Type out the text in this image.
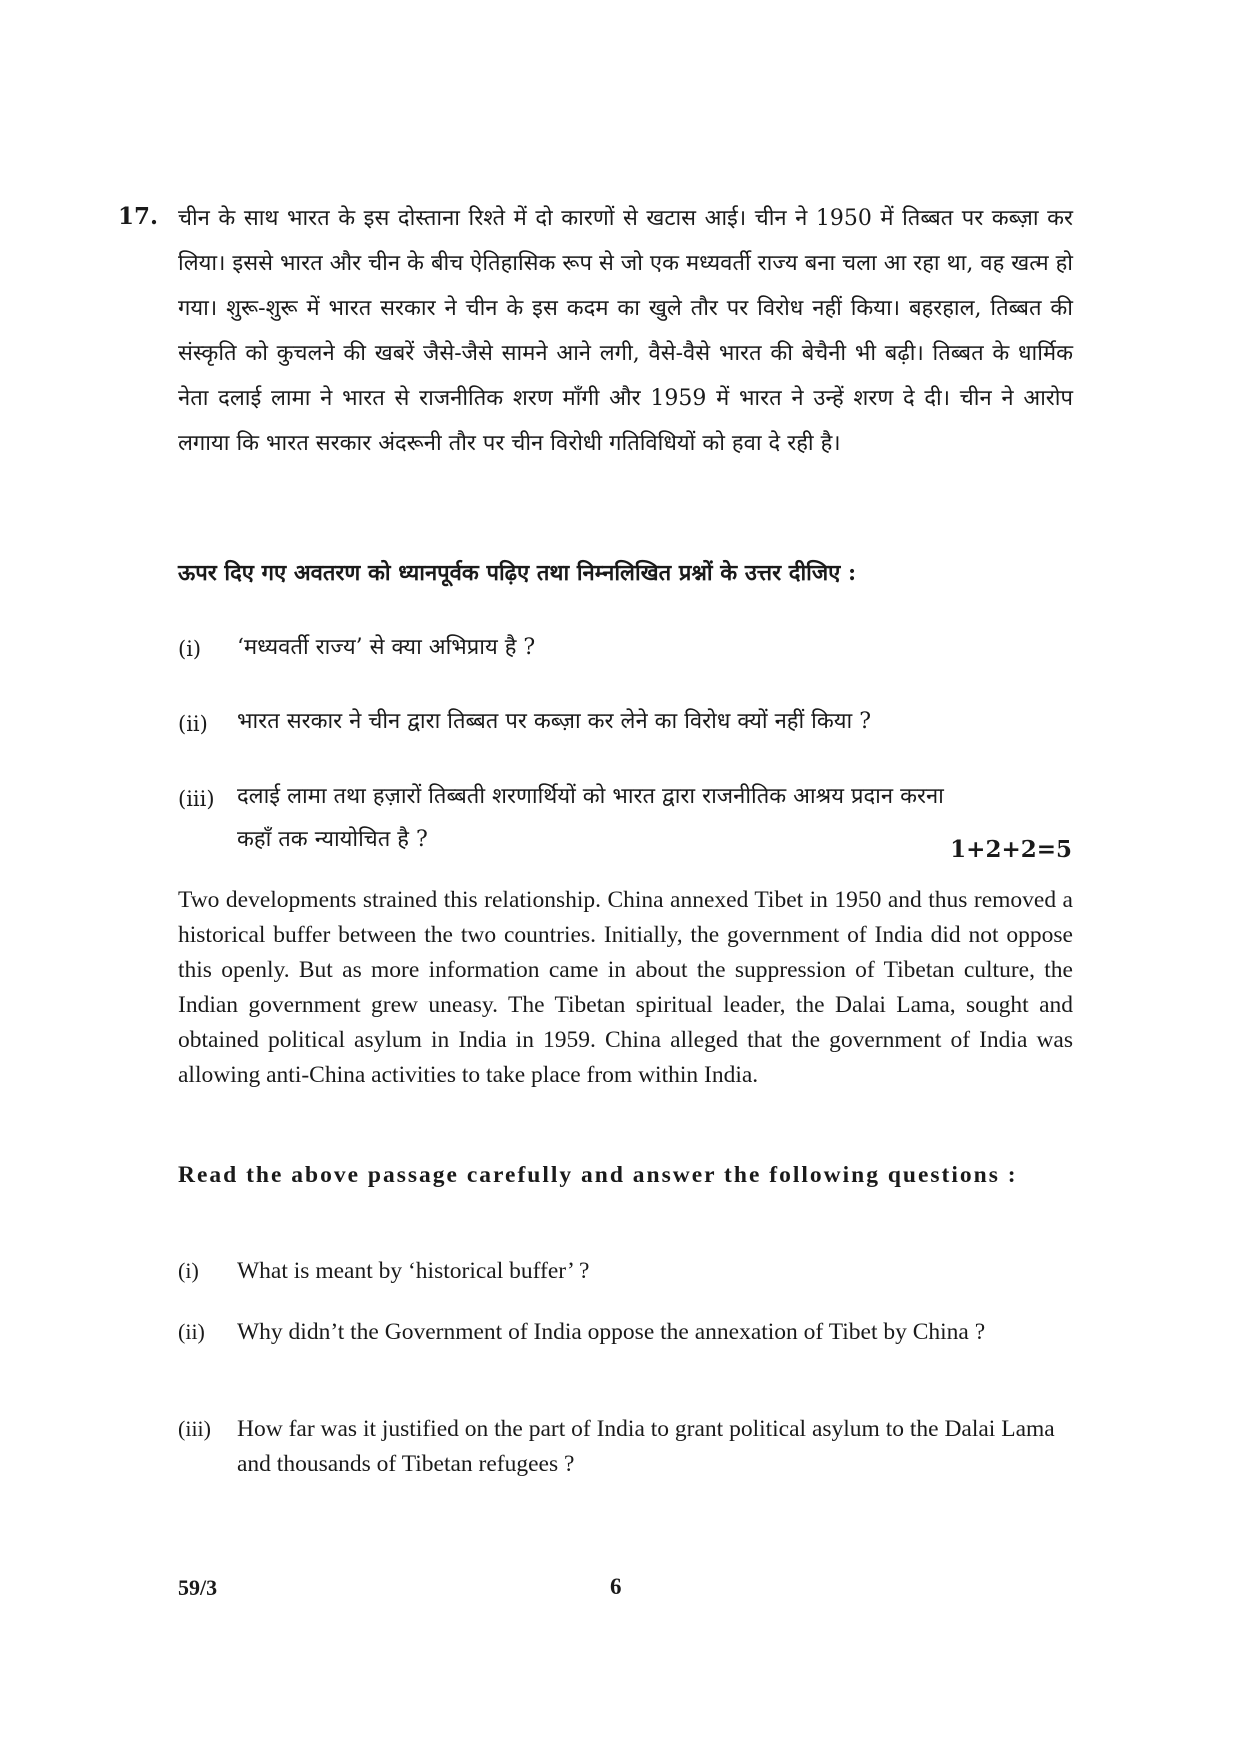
17. चीन के साथ भारत के इस दोस्ताना रिश्ते में दो कारणों से खटास आई। चीन ने 1950 में तिब्बत पर कब्ज़ा कर लिया। इससे भारत और चीन के बीच ऐतिहासिक रूप से जो एक मध्यवर्ती राज्य बना चला आ रहा था, वह खत्म हो गया। शुरू-शुरू में भारत सरकार ने चीन के इस कदम का खुले तौर पर विरोध नहीं किया। बहरहाल, तिब्बत की संस्कृति को कुचलने की खबरें जैसे-जैसे सामने आने लगी, वैसे-वैसे भारत की बेचैनी भी बढ़ी। तिब्बत के धार्मिक नेता दलाई लामा ने भारत से राजनीतिक शरण माँगी और 1959 में भारत ने उन्हें शरण दे दी। चीन ने आरोप लगाया कि भारत सरकार अंदरूनी तौर पर चीन विरोधी गतिविधियों को हवा दे रही है।
ऊपर दिए गए अवतरण को ध्यानपूर्वक पढ़िए तथा निम्नलिखित प्रश्नों के उत्तर दीजिए :
(i) ‘मध्यवर्ती राज्य’ से क्या अभिप्राय है ?
(ii) भारत सरकार ने चीन द्वारा तिब्बत पर कब्ज़ा कर लेने का विरोध क्यों नहीं किया ?
(iii) दलाई लामा तथा हज़ारों तिब्बती शरणार्थियों को भारत द्वारा राजनीतिक आश्रय प्रदान करना
कहाँ तक न्यायोचित है ?	1+2+2=5
Two developments strained this relationship. China annexed Tibet in 1950 and thus removed a historical buffer between the two countries. Initially, the government of India did not oppose this openly. But as more information came in about the suppression of Tibetan culture, the Indian government grew uneasy. The Tibetan spiritual leader, the Dalai Lama, sought and obtained political asylum in India in 1959. China alleged that the government of India was allowing anti-China activities to take place from within India.
Read the above passage carefully and answer the following questions :
(i) What is meant by ‘historical buffer’ ?
(ii) Why didn’t the Government of India oppose the annexation of Tibet by China ?
(iii) How far was it justified on the part of India to grant political asylum to the Dalai Lama and thousands of Tibetan refugees ?
59/3	6
